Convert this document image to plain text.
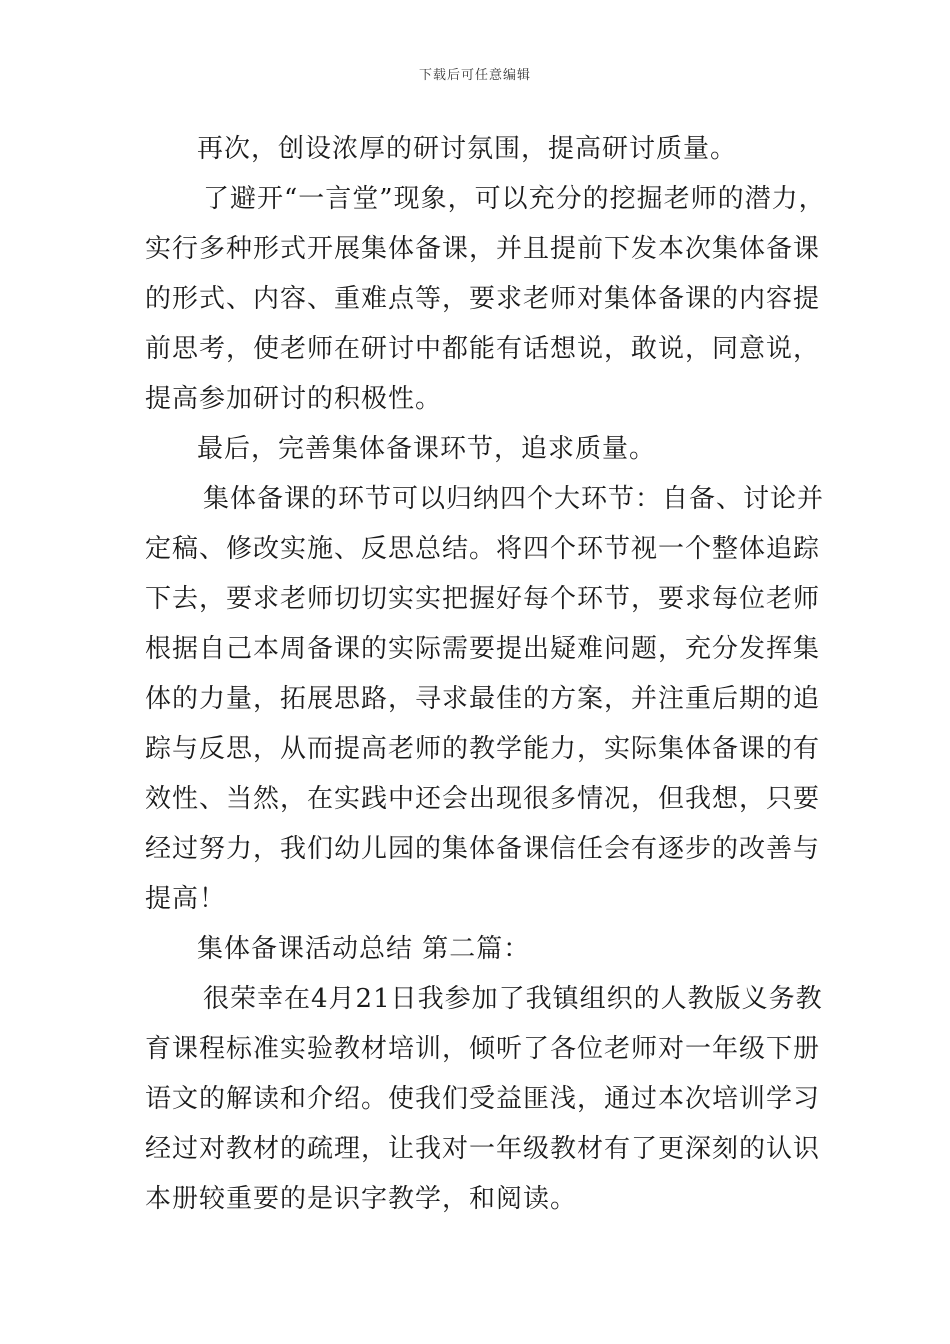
下载后可任意编辑
再次，创设浓厚的研讨氛围，提高研讨质量。
了避开“一言堂”现象，可以充分的挖掘老师的潜力，
实行多种形式开展集体备课，并且提前下发本次集体备课
的形式、内容、重难点等，要求老师对集体备课的内容提
前思考，使老师在研讨中都能有话想说，敢说，同意说，
提高参加研讨的积极性。
最后，完善集体备课环节，追求质量。
集体备课的环节可以归纳四个大环节：自备、讨论并
定稿、修改实施、反思总结。将四个环节视一个整体追踪
下去，要求老师切切实实把握好每个环节，要求每位老师
根据自己本周备课的实际需要提出疑难问题，充分发挥集
体的力量，拓展思路，寻求最佳的方案，并注重后期的追
踪与反思，从而提高老师的教学能力，实际集体备课的有
效性、当然，在实践中还会出现很多情况，但我想，只要
经过努力，我们幼儿园的集体备课信任会有逐步的改善与
提高！
集体备课活动总结 第二篇：
很荣幸在4月21日我参加了我镇组织的人教版义务教
育课程标准实验教材培训，倾听了各位老师对一年级下册
语文的解读和介绍。使我们受益匪浅，通过本次培训学习
经过对教材的疏理，让我对一年级教材有了更深刻的认识
本册较重要的是识字教学，和阅读。
